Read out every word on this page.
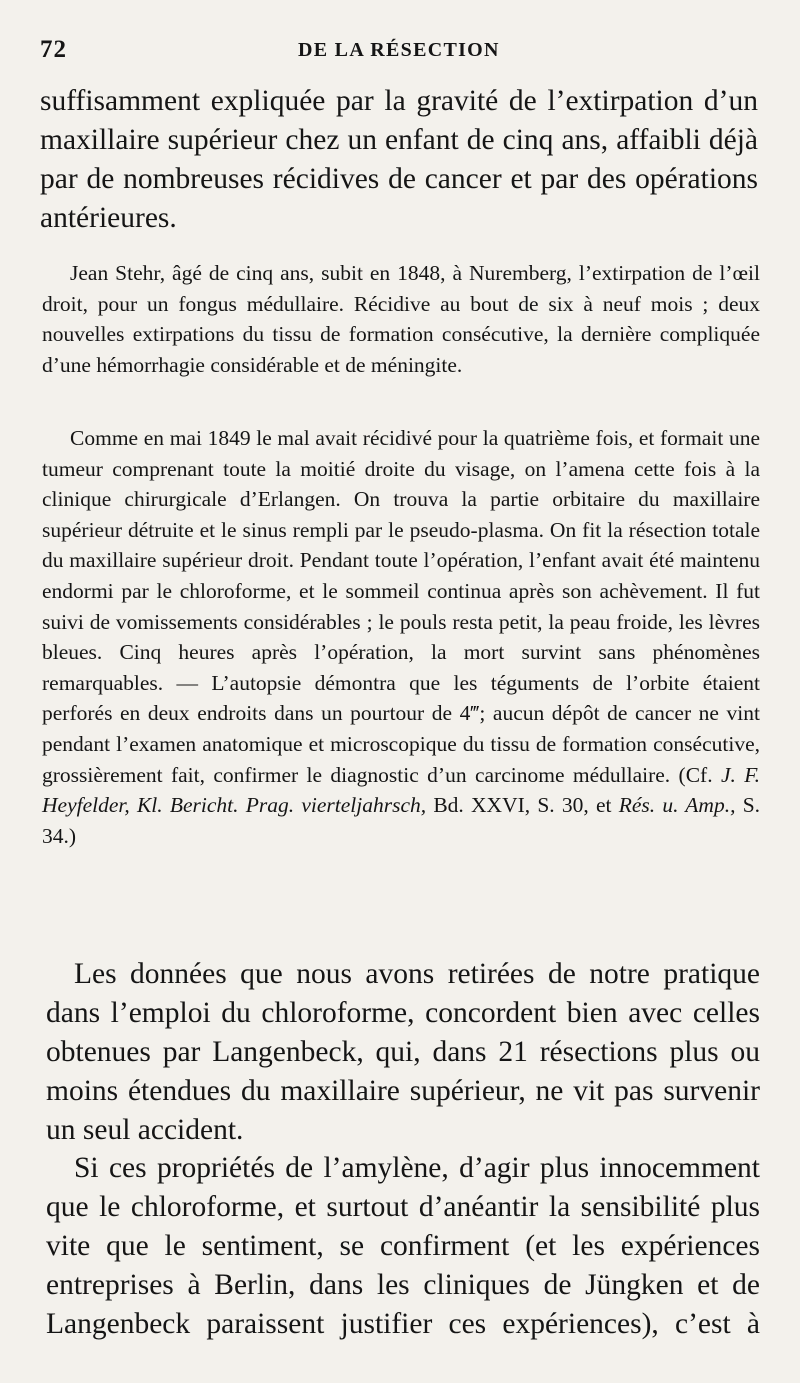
72	DE LA RÉSECTION

suffisamment expliquée par la gravité de l’extirpation d’un maxillaire supérieur chez un enfant de cinq ans, affaibli déjà par de nombreuses récidives de cancer et par des opérations antérieures.

Jean Stehr, âgé de cinq ans, subit en 1848, à Nuremberg, l’extirpation de l’œil droit, pour un fongus médullaire. Récidive au bout de six à neuf mois ; deux nouvelles extirpations du tissu de formation consécutive, la dernière compliquée d’une hémorrhagie considérable et de méningite.

Comme en mai 1849 le mal avait récidivé pour la quatrième fois, et formait une tumeur comprenant toute la moitié droite du visage, on l’amena cette fois à la clinique chirurgicale d’Erlangen. On trouva la partie orbitaire du maxillaire supérieur détruite et le sinus rempli par le pseudo-plasma. On fit la résection totale du maxillaire supérieur droit. Pendant toute l’opération, l’enfant avait été maintenu endormi par le chloroforme, et le sommeil continua après son achèvement. Il fut suivi de vomissements considérables ; le pouls resta petit, la peau froide, les lèvres bleues. Cinq heures après l’opération, la mort survint sans phénomènes remarquables. — L’autopsie démontra que les téguments de l’orbite étaient perforés en deux endroits dans un pourtour de 4‴; aucun dépôt de cancer ne vint pendant l’examen anatomique et microscopique du tissu de formation consécutive, grossièrement fait, confirmer le diagnostic d’un carcinome médullaire. (Cf. J. F. Heyfelder, Kl. Bericht. Prag. vierteljahrsch, Bd. XXVI, S. 30, et Rés. u. Amp., S. 34.)

Les données que nous avons retirées de notre pratique dans l’emploi du chloroforme, concordent bien avec celles obtenues par Langenbeck, qui, dans 21 résections plus ou moins étendues du maxillaire supérieur, ne vit pas survenir un seul accident.

Si ces propriétés de l’amylène, d’agir plus innocemment que le chloroforme, et surtout d’anéantir la sensibilité plus vite que le sentiment, se confirment (et les expériences entreprises à Berlin, dans les cliniques de Jüngken et de Langenbeck paraissent justifier ces expériences), c’est à
